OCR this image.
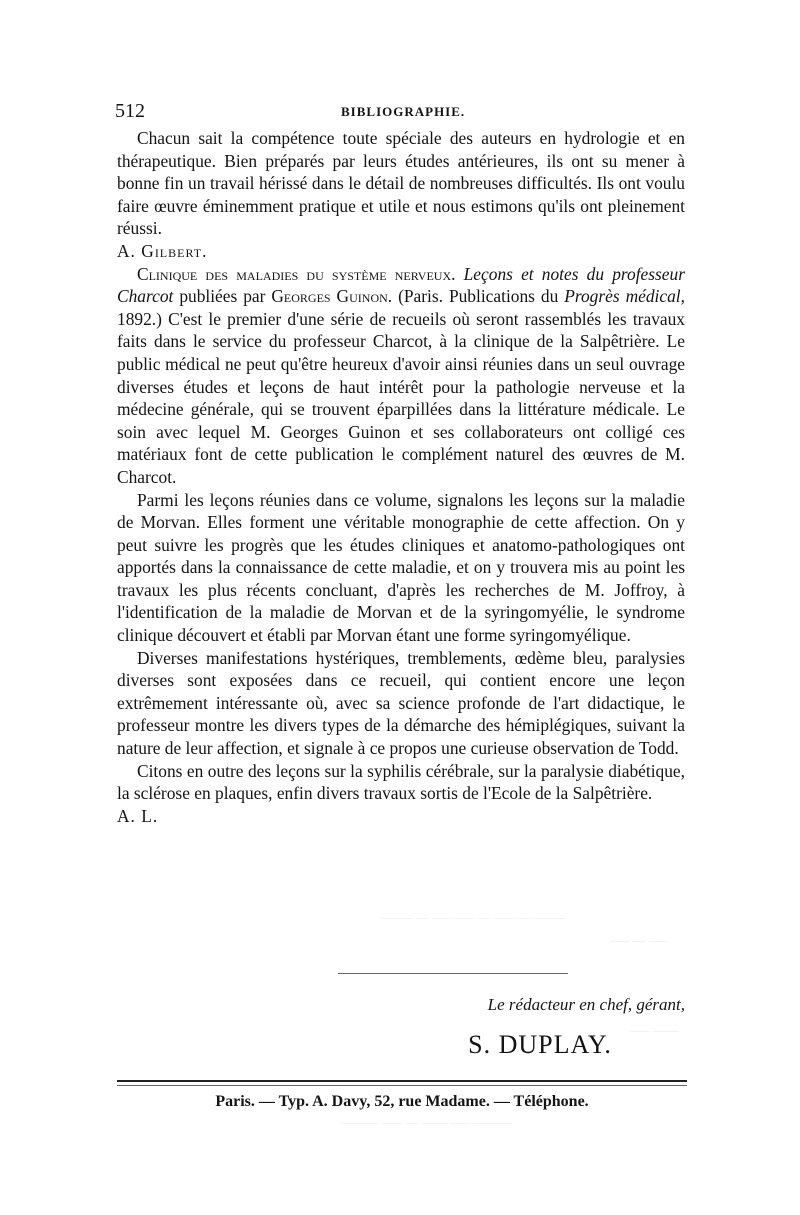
512	BIBLIOGRAPHIE.

Chacun sait la compétence toute spéciale des auteurs en hydrologie et en thérapeutique. Bien préparés par leurs études antérieures, ils ont su mener à bonne fin un travail hérissé dans le détail de nombreuses difficultés. Ils ont voulu faire œuvre éminemment pratique et utile et nous estimons qu'ils ont pleinement réussi.

A. Gilbert.

Clinique des maladies du système nerveux. Leçons et notes du professeur Charcot publiées par Georges Guinon. (Paris. Publications du Progrès médical, 1892.) C'est le premier d'une série de recueils où seront rassemblés les travaux faits dans le service du professeur Charcot, à la clinique de la Salpêtrière. Le public médical ne peut qu'être heureux d'avoir ainsi réunies dans un seul ouvrage diverses études et leçons de haut intérêt pour la pathologie nerveuse et la médecine générale, qui se trouvent éparpillées dans la littérature médicale. Le soin avec lequel M. Georges Guinon et ses collaborateurs ont colligé ces matériaux font de cette publication le complément naturel des œuvres de M. Charcot.

Parmi les leçons réunies dans ce volume, signalons les leçons sur la maladie de Morvan. Elles forment une véritable monographie de cette affection. On y peut suivre les progrès que les études cliniques et anatomo-pathologiques ont apportés dans la connaissance de cette maladie, et on y trouvera mis au point les travaux les plus récents concluant, d'après les recherches de M. Joffroy, à l'identification de la maladie de Morvan et de la syringomyélie, le syndrome clinique découvert et établi par Morvan étant une forme syringomyélique.

Diverses manifestations hystériques, tremblements, œdème bleu, paralysies diverses sont exposées dans ce recueil, qui contient encore une leçon extrêmement intéressante où, avec sa science profonde de l'art didactique, le professeur montre les divers types de la démarche des hémiplégiques, suivant la nature de leur affection, et signale à ce propos une curieuse observation de Todd.

Citons en outre des leçons sur la syphilis cérébrale, sur la paralysie diabétique, la sclérose en plaques, enfin divers travaux sortis de l'Ecole de la Salpêtrière.

A. L.

Le rédacteur en chef, gérant,
S. DUPLAY.
Paris. — Typ. A. Davy, 52, rue Madame. — Téléphone.
_____ __ ___ __ ___ ___ __ _____
___ __ ___
____ ___
______ ___ ____ __ ___ ______
